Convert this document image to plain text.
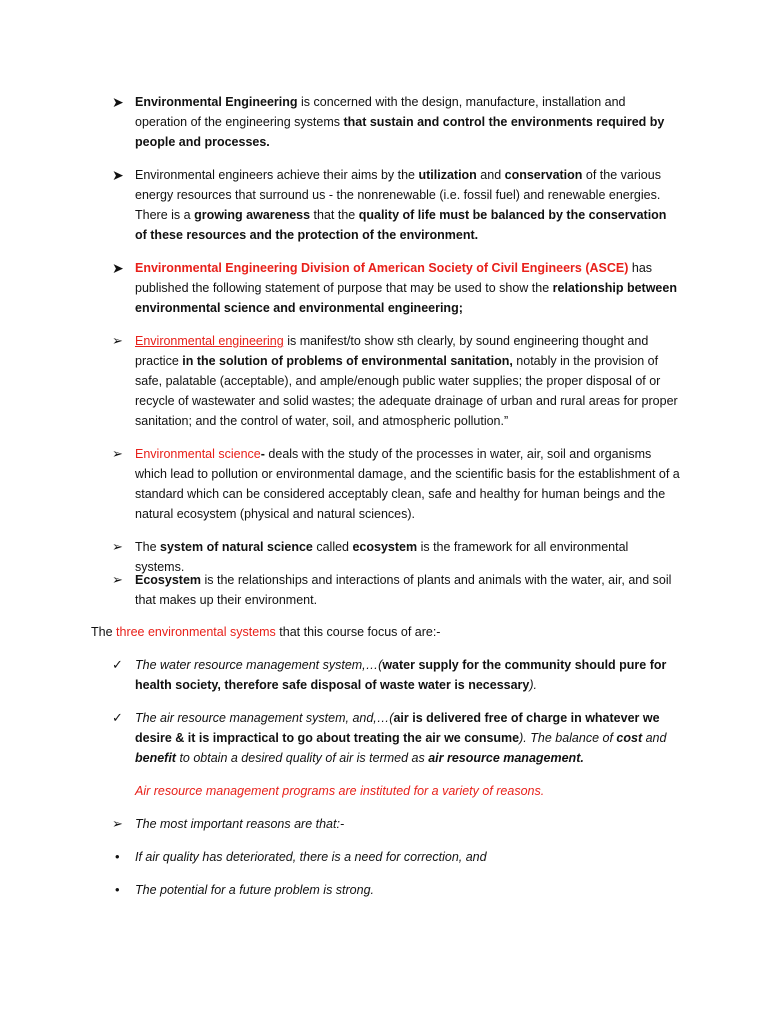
➤ Environmental Engineering is concerned with the design, manufacture, installation and operation of the engineering systems that sustain and control the environments required by people and processes.

➤ Environmental engineers achieve their aims by the utilization and conservation of the various energy resources that surround us - the nonrenewable (i.e. fossil fuel) and renewable energies. There is a growing awareness that the quality of life must be balanced by the conservation of these resources and the protection of the environment.

➤ Environmental Engineering Division of American Society of Civil Engineers (ASCE) has published the following statement of purpose that may be used to show the relationship between environmental science and environmental engineering;

➢ Environmental engineering is manifest/to show sth clearly, by sound engineering thought and practice in the solution of problems of environmental sanitation, notably in the provision of safe, palatable (acceptable), and ample/enough public water supplies; the proper disposal of or recycle of wastewater and solid wastes; the adequate drainage of urban and rural areas for proper sanitation; and the control of water, soil, and atmospheric pollution.”

➢ Environmental science- deals with the study of the processes in water, air, soil and organisms which lead to pollution or environmental damage, and the scientific basis for the establishment of a standard which can be considered acceptably clean, safe and healthy for human beings and the natural ecosystem (physical and natural sciences).

➢ The system of natural science called ecosystem is the framework for all environmental systems.

➢ Ecosystem is the relationships and interactions of plants and animals with the water, air, and soil that makes up their environment.

The three environmental systems that this course focus of are:-

✓ The water resource management system,…(water supply for the community should pure for health society, therefore safe disposal of waste water is necessary).

✓ The air resource management system, and,…(air is delivered free of charge in whatever we desire & it is impractical to go about treating the air we consume). The balance of cost and benefit to obtain a desired quality of air is termed as air resource management.

Air resource management programs are instituted for a variety of reasons.

➢ The most important reasons are that:-

• If air quality has deteriorated, there is a need for correction, and

• The potential for a future problem is strong.
